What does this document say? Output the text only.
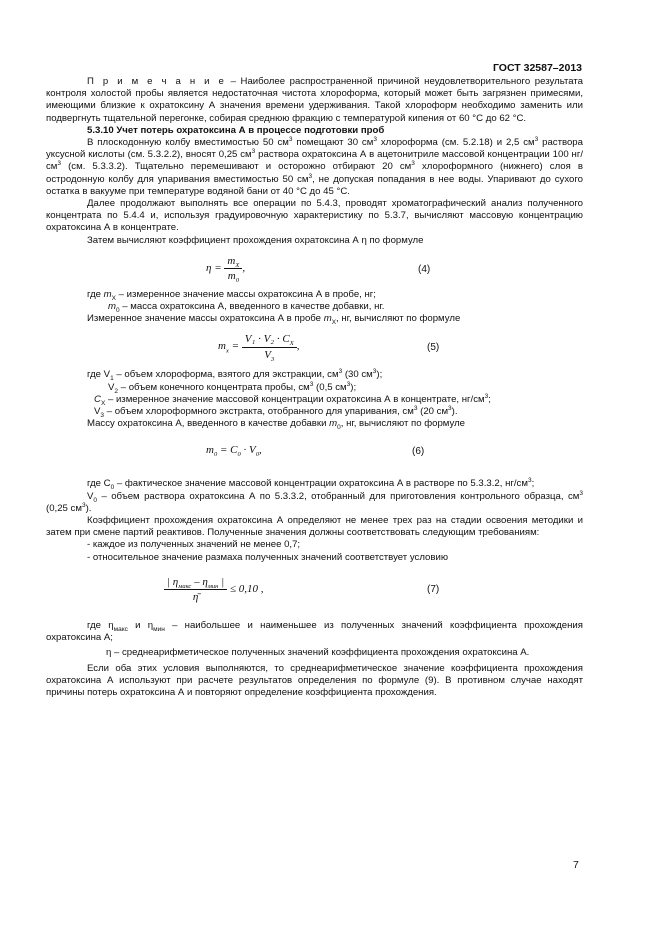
ГОСТ 32587–2013

П р и м е ч а н и е – Наиболее распространенной причиной неудовлетворительного результата контроля холостой пробы является недостаточная чистота хлороформа, который может быть загрязнен примесями, имеющими близкие к охратоксину А значения времени удерживания. Такой хлороформ необходимо заменить или подвергнуть тщательной перегонке, собирая среднюю фракцию с температурой кипения от 60 °C до 62 °C.

5.3.10 Учет потерь охратоксина А в процессе подготовки проб

В плоскодонную колбу вместимостью 50 $см^3$ помещают 30 $см^3$ хлороформа (см. 5.2.18) и 2,5 $см^3$ раствора уксусной кислоты (см. 5.3.2.2), вносят 0,25 $см^3$ раствора охратоксина А в ацетонитриле массовой концентрации 100 $нг/см^3$ (см. 5.3.3.2). Тщательно перемешивают и осторожно отбирают 20 $см^3$ хлороформного (нижнего) слоя в остродонную колбу для упаривания вместимостью 50 $см^3$, не допуская попадания в нее воды. Упаривают до сухого остатка в вакууме при температуре водяной бани от 40 °C до 45 °C.

Далее продолжают выполнять все операции по 5.4.3, проводят хроматографический анализ полученного концентрата по 5.4.4 и, используя градуировочную характеристику по 5.3.7, вычисляют массовую концентрацию охратоксина А в концентрате.

Затем вычисляют коэффициент прохождения охратоксина А η по формуле

$\eta = \frac{m_X}{m_0}$ ,	(4)

где $m_X$ – измеренное значение массы охратоксина А в пробе, нг;

$m_0$ – масса охратоксина А, введенного в качестве добавки, нг.

Измеренное значение массы охратоксина А в пробе $m_X$, нг, вычисляют по формуле

$m_x = \frac{V_1 \cdot V_2 \cdot C_X}{V_3}$ ,	(5)

где $V_1$ – объем хлороформа, взятого для экстракции, $см^3$ (30 $см^3$);

$V_2$ – объем конечного концентрата пробы, $см^3$ (0,5 $см^3$);

$C_X$ – измеренное значение массовой концентрации охратоксина А в концентрате, $нг/см^3$;

$V_3$ – объем хлороформного экстракта, отобранного для упаривания, $см^3$ (20 $см^3$).

Массу охратоксина А, введенного в качестве добавки $m_0$, нг, вычисляют по формуле

$m_0 = C_0 \cdot V_0$,	(6)

где $C_0$ – фактическое значение массовой концентрации охратоксина А в растворе по 5.3.3.2, $нг/см^3$;

$V_0$ – объем раствора охратоксина А по 5.3.3.2, отобранный для приготовления контрольного образца, $см^3$ (0,25 $см^3$).

Коэффициент прохождения охратоксина А определяют не менее трех раз на стадии освоения методики и затем при смене партий реактивов. Полученные значения должны соответствовать следующим требованиям:

- каждое из полученных значений не менее 0,7;

- относительное значение размаха полученных значений соответствует условию

$\frac{| \eta_{макс} - \eta_{мин} |}{\etā} \le 0,10$ ,	(7)

где $\eta_{макс}$ и $\eta_{мин}$ – наибольшее и наименьшее из полученных значений коэффициента прохождения охратоксина А;

η – среднеарифметическое полученных значений коэффициента прохождения охратоксина А.

Если оба этих условия выполняются, то среднеарифметическое значение коэффициента прохождения охратоксина А используют при расчете результатов определения по формуле (9). В противном случае находят причины потерь охратоксина А и повторяют определение коэффициента прохождения.

7
